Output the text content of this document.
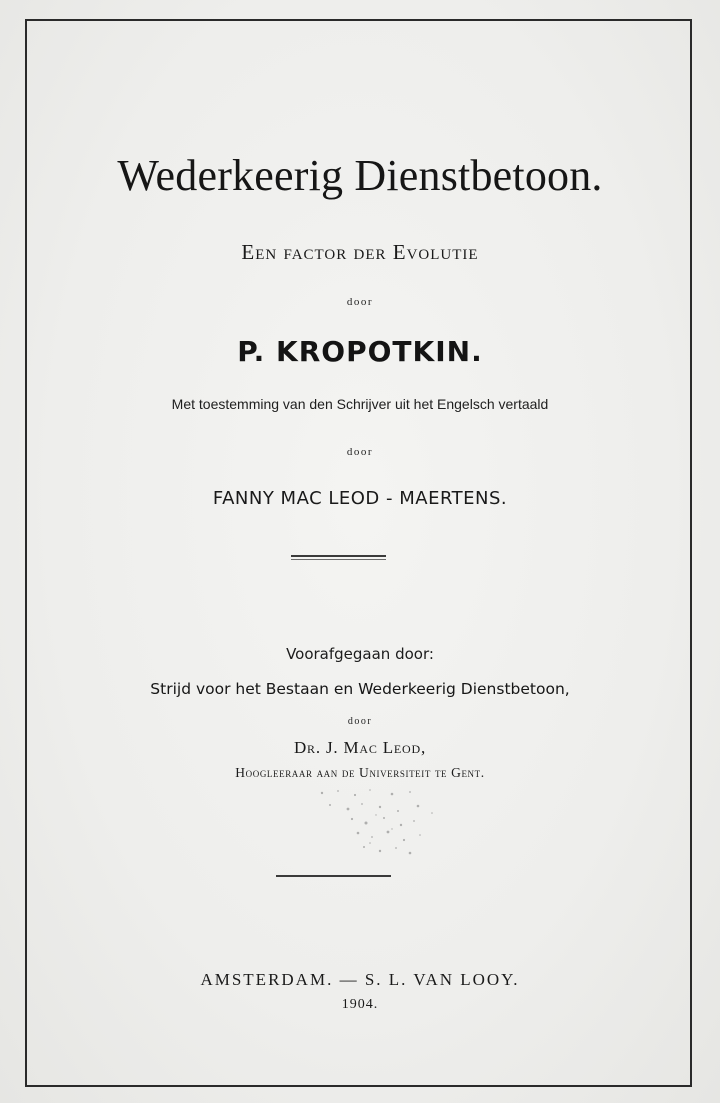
Wederkeerig Dienstbetoon.
Een factor der Evolutie
door
P. KROPOTKIN.
Met toestemming van den Schrijver uit het Engelsch vertaald
door
FANNY MAC LEOD - MAERTENS.
Voorafgegaan door:
Strijd voor het Bestaan en Wederkeerig Dienstbetoon,
door
Dr. J. Mac Leod,
Hoogleeraar aan de Universiteit te Gent.
AMSTERDAM. — S. L. VAN LOOY.
1904.
